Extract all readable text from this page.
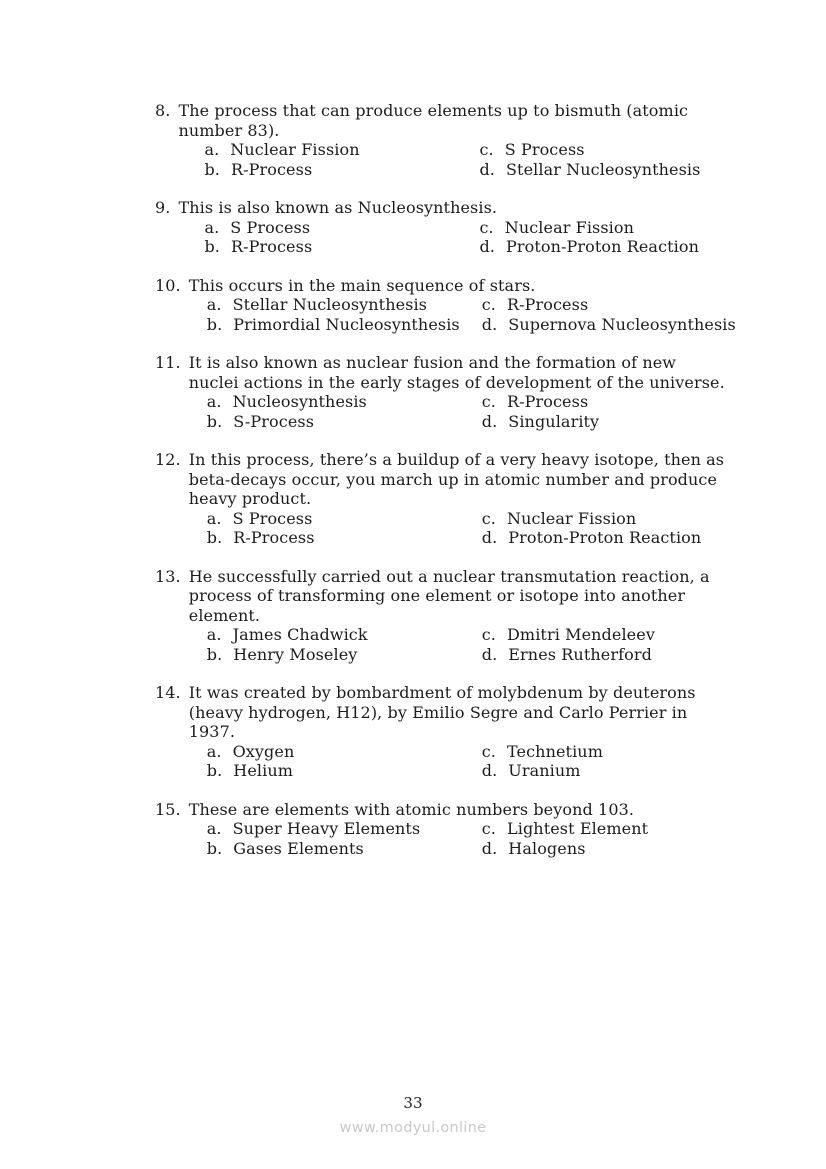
8. The process that can produce elements up to bismuth (atomic number 83).
a. Nuclear Fission	c. S Process
b. R-Process	d. Stellar Nucleosynthesis
9. This is also known as Nucleosynthesis.
a. S Process	c. Nuclear Fission
b. R-Process	d. Proton-Proton Reaction
10. This occurs in the main sequence of stars.
a. Stellar Nucleosynthesis	c. R-Process
b. Primordial Nucleosynthesis	d. Supernova Nucleosynthesis
11. It is also known as nuclear fusion and the formation of new nuclei actions in the early stages of development of the universe.
a. Nucleosynthesis	c. R-Process
b. S-Process	d. Singularity
12. In this process, there’s a buildup of a very heavy isotope, then as beta-decays occur, you march up in atomic number and produce heavy product.
a. S Process	c. Nuclear Fission
b. R-Process	d. Proton-Proton Reaction
13. He successfully carried out a nuclear transmutation reaction, a process of transforming one element or isotope into another element.
a. James Chadwick	c. Dmitri Mendeleev
b. Henry Moseley	d. Ernes Rutherford
14. It was created by bombardment of molybdenum by deuterons (heavy hydrogen, H12), by Emilio Segre and Carlo Perrier in 1937.
a. Oxygen	c. Technetium
b. Helium	d. Uranium
15. These are elements with atomic numbers beyond 103.
a. Super Heavy Elements	c. Lightest Element
b. Gases Elements	d. Halogens
33
www.modyul.online
